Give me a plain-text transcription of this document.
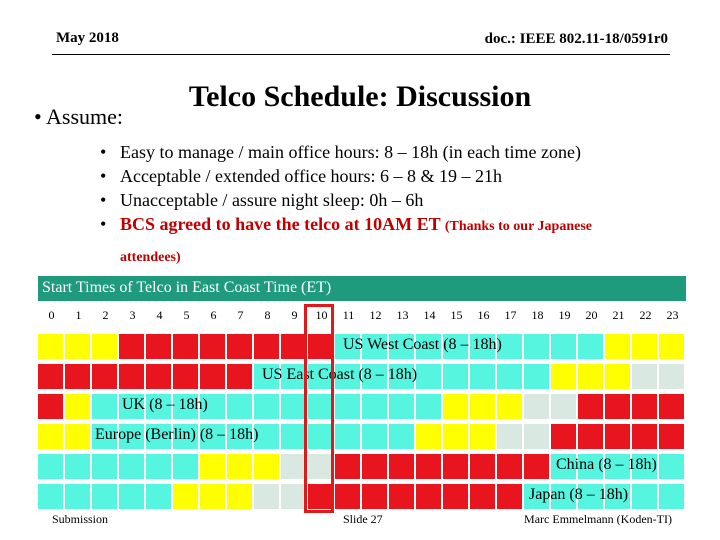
May 2018	doc.: IEEE 802.11-18/0591r0
Telco Schedule: Discussion
• Assume:
• Easy to manage / main office hours: 8 – 18h (in each time zone)
• Acceptable / extended office hours: 6 – 8 & 19 – 21h
• Unacceptable / assure night sleep: 0h – 6h
• BCS agreed to have the telco at 10AM ET (Thanks to our Japanese
attendees)
Start Times of Telco in East Coast Time (ET)
0	1	2	3	4	5	6	7	8	9	10	11	12	13	14	15	16	17	18	19	20	21	22	23
US West Coast (8 – 18h)
US East Coast (8 – 18h)
UK (8 – 18h)
Europe (Berlin) (8 – 18h)
China (8 – 18h)
Japan (8 – 18h)
Submission	Slide 27	Marc Emmelmann (Koden-TI)
